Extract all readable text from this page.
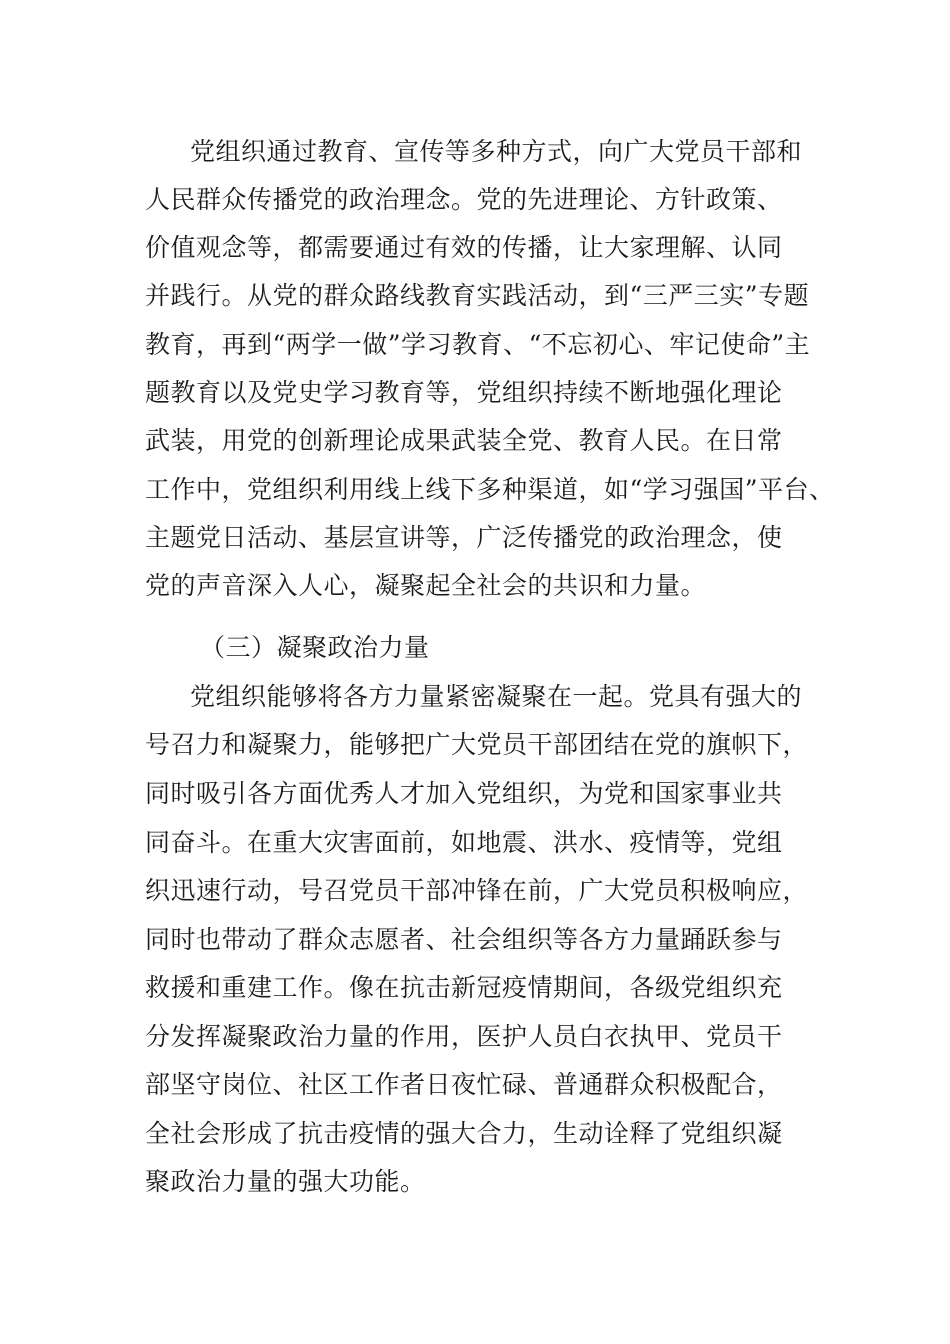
党组织通过教育、宣传等多种方式，向广大党员干部和
人民群众传播党的政治理念。党的先进理论、方针政策、
价值观念等，都需要通过有效的传播，让大家理解、认同
并践行。从党的群众路线教育实践活动，到“三严三实”专题
教育，再到“两学一做”学习教育、“不忘初心、牢记使命”主
题教育以及党史学习教育等，党组织持续不断地强化理论
武装，用党的创新理论成果武装全党、教育人民。在日常
工作中，党组织利用线上线下多种渠道，如“学习强国”平台、
主题党日活动、基层宣讲等，广泛传播党的政治理念，使
党的声音深入人心，凝聚起全社会的共识和力量。
（三）凝聚政治力量
党组织能够将各方力量紧密凝聚在一起。党具有强大的
号召力和凝聚力，能够把广大党员干部团结在党的旗帜下，
同时吸引各方面优秀人才加入党组织，为党和国家事业共
同奋斗。在重大灾害面前，如地震、洪水、疫情等，党组
织迅速行动，号召党员干部冲锋在前，广大党员积极响应，
同时也带动了群众志愿者、社会组织等各方力量踊跃参与
救援和重建工作。像在抗击新冠疫情期间，各级党组织充
分发挥凝聚政治力量的作用，医护人员白衣执甲、党员干
部坚守岗位、社区工作者日夜忙碌、普通群众积极配合，
全社会形成了抗击疫情的强大合力，生动诠释了党组织凝
聚政治力量的强大功能。
